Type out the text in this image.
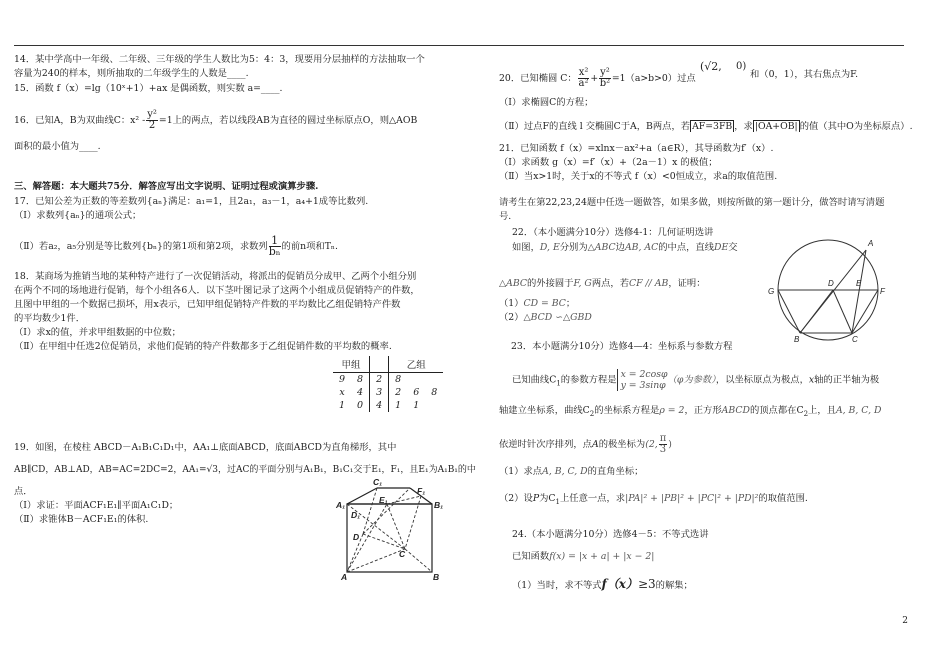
14．某中学高中一年级、二年级、三年级的学生人数比为5：4：3，现要用分层抽样的方法抽取一个
容量为240的样本，则所抽取的二年级学生的人数是____.
15．函数 f（x）=lg（10ˣ+1）+ax 是偶函数，则实数 a=____.
16．已知A，B为双曲线C：$x^2 - \frac{\text{y²}}{2} =1$上的两点，若以线段AB为直径的圆过坐标原点O，则△AOB
面积的最小值为____.
三、解答题：本大题共75分．解答应写出文字说明、证明过程或演算步骤.
17．已知公差为正数的等差数列{aₙ}满足：a₁=1，且2a₁，a₃－1，a₄+1成等比数列.
（Ⅰ）求数列{aₙ}的通项公式；
（Ⅱ）若a₂，a₅分别是等比数列{bₙ}的第1项和第2项，求数列 $\frac{1}{\text{bₙ}}$ 的前n项和Tₙ.
18．某商场为推销当地的某种特产进行了一次促销活动，将派出的促销员分成甲、乙两个小组分别
在两个不同的场地进行促销，每个小组各6人．以下茎叶图记录了这两个小组成员促销特产的件数，
且图中甲组的一个数据已损坏，用x表示，已知甲组促销特产件数的平均数比乙组促销特产件数
的平均数少1件．
（Ⅰ）求x的值，并求甲组数据的中位数；
（Ⅱ）在甲组中任选2位促销员，求他们促销的特产件数都多于乙组促销件数的平均数的概率.
甲组			乙组		
9	8	2	8		
x	4	3	2	6	8
1	0	4	1	1	
19．如图，在棱柱 ABCD－A₁B₁C₁D₁中，AA₁⊥底面ABCD，底面ABCD为直角梯形，其中
AB∥CD，AB⊥AD，AB=AC=2DC=2，AA₁=√3，过AC的平面分别与A₁B₁，B₁C₁交于E₁，F₁，且E₁为A₁B₁的中
点．
（Ⅰ）求证：平面ACF₁E₁∥平面A₁C₁D；
（Ⅱ）求锥体B－ACF₁E₁的体积.
A₁
C₁
F₁
E₁	B₁
D₁
D
C
A	B
20．已知椭圆 C： $\frac{\text{x²}}{\text{a²}} + \frac{\text{y²}}{\text{b²}} =1(a>b>0)$过点
(√2, 0)
和（0，1），其右焦点为F.
（Ⅰ）求椭圆C的方程；
（Ⅱ）过点F的直线 l 交椭圆C于A，B两点，若 AF=3FB ，求 |OA+OB| 的值（其中O为坐标原点）.
21．已知函数 f（x）=xlnx－ax²+a（a∈R），其导函数为f′（x）.
（Ⅰ）求函数 g（x）=f′（x）+（2a－1）x 的极值；
（Ⅱ）当x>1时，关于x的不等式 f（x）<0恒成立，求a的取值范围.
请考生在第22,23,24题中任选一题做答，如果多做，则按所做的第一题计分，做答时请写清题
号.
22．（本小题满分10分）选修4-1：几何证明选讲
如图，D, E分别为△ABC边AB, AC的中点，直线DE交
△ABC的外接圆于F, G两点，若CF // AB，证明：
（1）CD = BC；
（2）△BCD ∽△GBD
A
G
D	E
F
B	C
23．本小题满分10分）选修4—4：坐标系与参数方程
已知曲线$C_1$的参数方程是 x = 2cosφ
y = 3sinφ （φ为参数），以坐标原点为极点，x轴的正半轴为极
轴建立坐标系，曲线$C_2$的坐标系方程是ρ = 2，正方形ABCD的顶点都在$C_2$上，且A, B, C, D
依逆时针次序排列，点A的极坐标为(2, $\frac{\pi}{3}$ )
（1）求点A, B, C, D的直角坐标；
（2）设P为$C_1$上任意一点，求|PA|² + |PB|² + |PC|² + |PD|²的取值范围.
24.（本小题满分10分）选修4－5：不等式选讲
已知函数f(x) = |x + a| + |x − 2|
（1）当时，求不等式f（x）≥3的解集；
2
